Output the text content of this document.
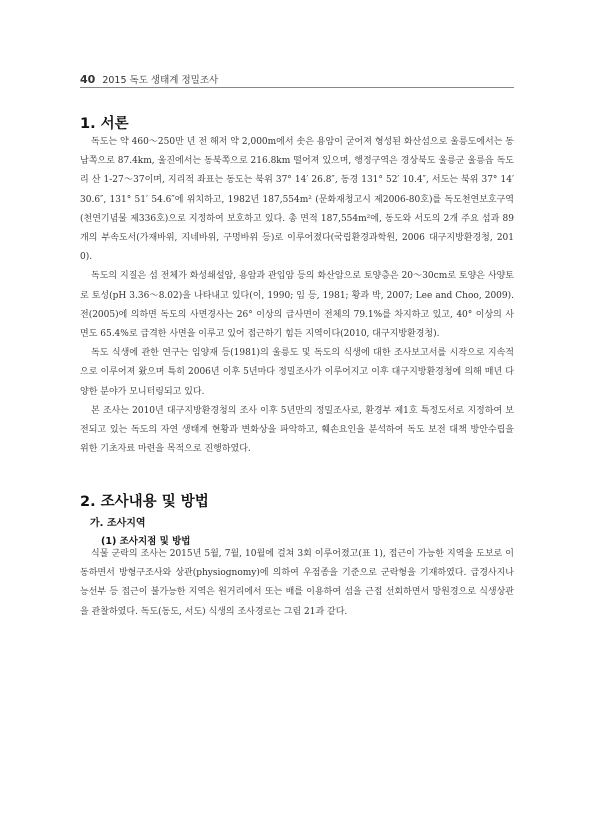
40 2015 독도 생태계 정밀조사
1. 서론

독도는 약 460～250만 년 전 해저 약 2,000m에서 솟은 용암이 굳어져 형성된 화산섬으로 울릉도에서는 동남쪽으로 87.4km, 울진에서는 동북쪽으로 216.8km 떨어져 있으며, 행정구역은 경상북도 울릉군 울릉읍 독도리 산 1-27～37이며, 지리적 좌표는 동도는 북위 37° 14′ 26.8″, 동경 131° 52′ 10.4″, 서도는 북위 37° 14′ 30.6″, 131° 51′ 54.6″에 위치하고, 1982년 187,554m² (문화재청고시 제2006-80호)를 독도천연보호구역(천연기념물 제336호)으로 지정하여 보호하고 있다. 총 면적 187,554m²에, 동도와 서도의 2개 주요 섬과 89개의 부속도서(가재바위, 지네바위, 구멍바위 등)로 이루어졌다(국립환경과학원, 2006 대구지방환경청, 2010).

독도의 지질은 섬 전체가 화성쇄설암, 용암과 관입암 등의 화산암으로 토양층은 20～30cm로 토양은 사양토로 토성(pH 3.36～8.02)을 나타내고 있다(이, 1990; 임 등, 1981; 황과 박, 2007; Lee and Choo, 2009). 전(2005)에 의하면 독도의 사면경사는 26° 이상의 급사면이 전체의 79.1%를 차지하고 있고, 40° 이상의 사면도 65.4%로 급격한 사면을 이루고 있어 접근하기 힘든 지역이다(2010, 대구지방환경청).

독도 식생에 관한 연구는 임양재 등(1981)의 울릉도 및 독도의 식생에 대한 조사보고서를 시작으로 지속적으로 이루어져 왔으며 특히 2006년 이후 5년마다 정밀조사가 이루어지고 이후 대구지방환경청에 의해 매년 다양한 분야가 모니터링되고 있다.

본 조사는 2010년 대구지방환경청의 조사 이후 5년만의 정밀조사로, 환경부 제1호 특정도서로 지정하여 보전되고 있는 독도의 자연 생태계 현황과 변화상을 파악하고, 훼손요인을 분석하여 독도 보전 대책 방안수립을 위한 기초자료 마련을 목적으로 진행하였다.

2. 조사내용 및 방법
가. 조사지역
(1) 조사지점 및 방법

식물 군락의 조사는 2015년 5월, 7월, 10월에 걸쳐 3회 이루어졌고(표 1), 접근이 가능한 지역을 도보로 이동하면서 방형구조사와 상관(physiognomy)에 의하여 우점종을 기준으로 군락형을 기재하였다. 급경사지나 능선부 등 접근이 불가능한 지역은 원거리에서 또는 배를 이용하여 섬을 근접 선회하면서 망원경으로 식생상관을 관찰하였다. 독도(동도, 서도) 식생의 조사경로는 그림 21과 같다.
